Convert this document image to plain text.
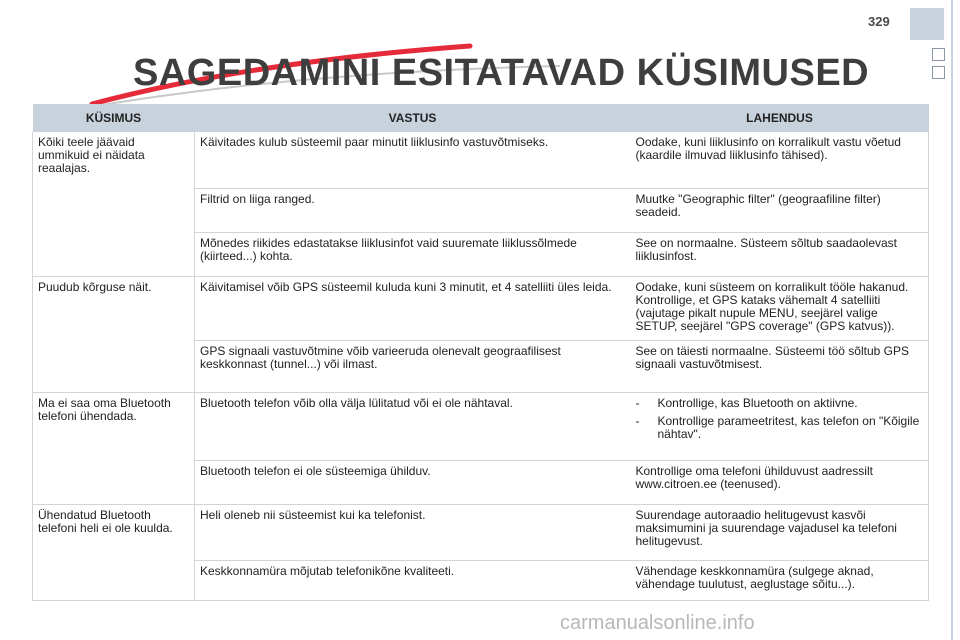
329
SAGEDAMINI ESITATAVAD KÜSIMUSED
KÜSIMUS	VASTUS	LAHENDUS
Kõiki teele jäävaid ummikuid ei näidata reaalajas.	Käivitades kulub süsteemil paar minutit liiklusinfo vastuvõtmiseks.	Oodake, kuni liiklusinfo on korralikult vastu võetud (kaardile ilmuvad liiklusinfo tähised).
	Filtrid on liiga ranged.	Muutke "Geographic filter" (geograafiline filter) seadeid.
	Mõnedes riikides edastatakse liiklusinfot vaid suuremate liiklussõlmede (kiirteed...) kohta.	See on normaalne. Süsteem sõltub saadaolevast liiklusinfost.
Puudub kõrguse näit.	Käivitamisel võib GPS süsteemil kuluda kuni 3 minutit, et 4 satelliiti üles leida.	Oodake, kuni süsteem on korralikult tööle hakanud. Kontrollige, et GPS kataks vähemalt 4 satelliiti (vajutage pikalt nupule MENU, seejärel valige SETUP, seejärel "GPS coverage" (GPS katvus)).
	GPS signaali vastuvõtmine võib varieeruda olenevalt geograafilisest keskkonnast (tunnel...) või ilmast.	See on täiesti normaalne. Süsteemi töö sõltub GPS signaali vastuvõtmisest.
Ma ei saa oma Bluetooth telefoni ühendada.	Bluetooth telefon võib olla välja lülitatud või ei ole nähtaval.	- Kontrollige, kas Bluetooth on aktiivne.
- Kontrollige parameetritest, kas telefon on "Kõigile nähtav".

	Bluetooth telefon ei ole süsteemiga ühilduv.	Kontrollige oma telefoni ühilduvust aadressilt www.citroen.ee (teenused).
Ühendatud Bluetooth telefoni heli ei ole kuulda.	Heli oleneb nii süsteemist kui ka telefonist.	Suurendage autoraadio helitugevust kasvõi maksimumini ja suurendage vajadusel ka telefoni helitugevust.
	Keskkonnamüra mõjutab telefonikõne kvaliteeti.	Vähendage keskkonnamüra (sulgege aknad, vähendage tuulutust, aeglustage sõitu...).
carmanualsonline.info
